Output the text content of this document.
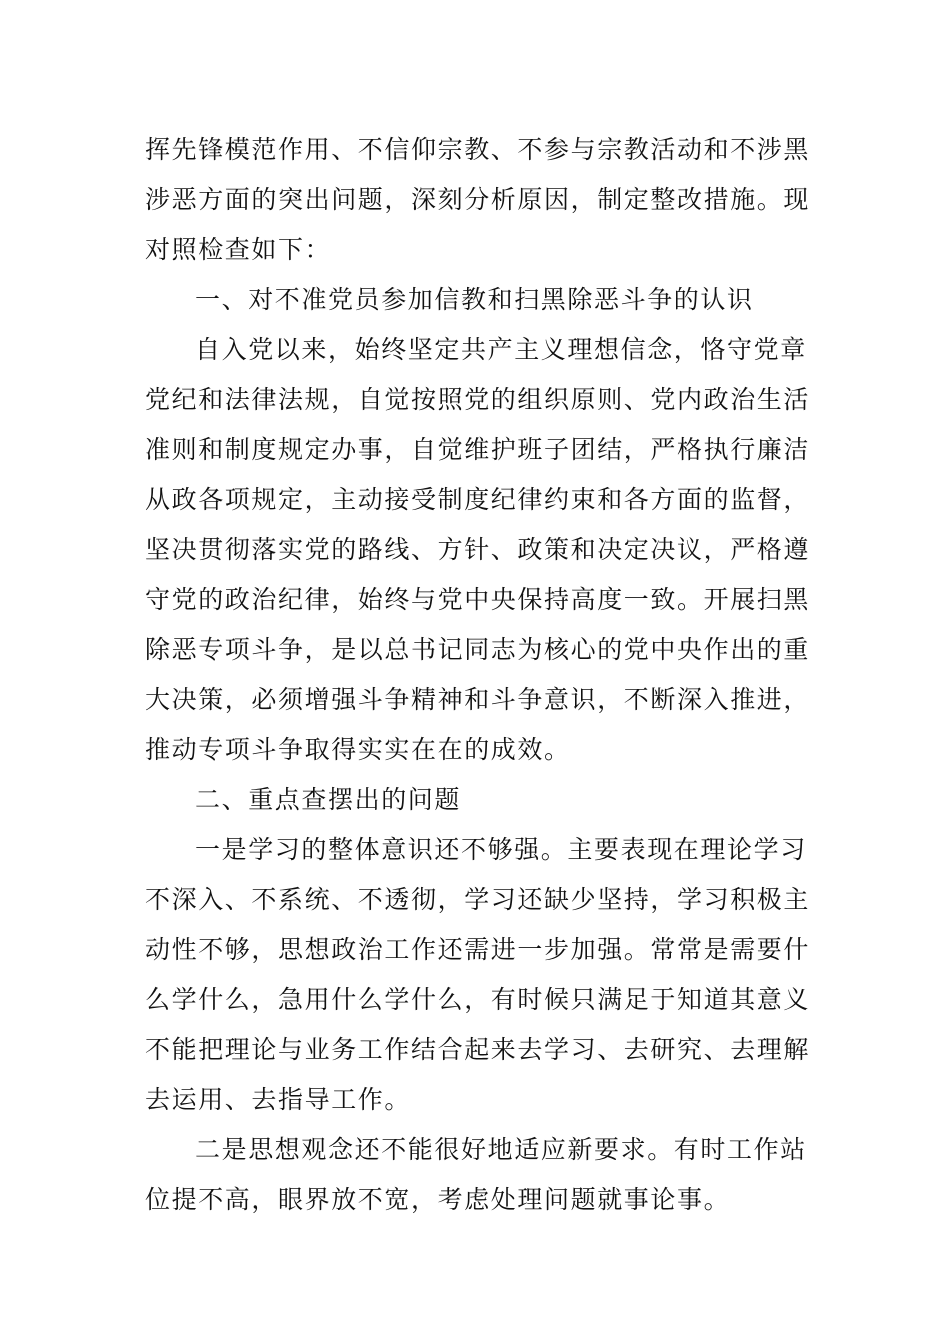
挥先锋模范作用、不信仰宗教、不参与宗教活动和不涉黑
涉恶方面的突出问题，深刻分析原因，制定整改措施。现
对照检查如下：
一、对不准党员参加信教和扫黑除恶斗争的认识
自入党以来，始终坚定共产主义理想信念，恪守党章
党纪和法律法规，自觉按照党的组织原则、党内政治生活
准则和制度规定办事，自觉维护班子团结，严格执行廉洁
从政各项规定，主动接受制度纪律约束和各方面的监督，
坚决贯彻落实党的路线、方针、政策和决定决议，严格遵
守党的政治纪律，始终与党中央保持高度一致。开展扫黑
除恶专项斗争，是以总书记同志为核心的党中央作出的重
大决策，必须增强斗争精神和斗争意识，不断深入推进，
推动专项斗争取得实实在在的成效。
二、重点查摆出的问题
一是学习的整体意识还不够强。主要表现在理论学习
不深入、不系统、不透彻，学习还缺少坚持，学习积极主
动性不够，思想政治工作还需进一步加强。常常是需要什
么学什么，急用什么学什么，有时候只满足于知道其意义
不能把理论与业务工作结合起来去学习、去研究、去理解
去运用、去指导工作。
二是思想观念还不能很好地适应新要求。有时工作站
位提不高，眼界放不宽，考虑处理问题就事论事。
